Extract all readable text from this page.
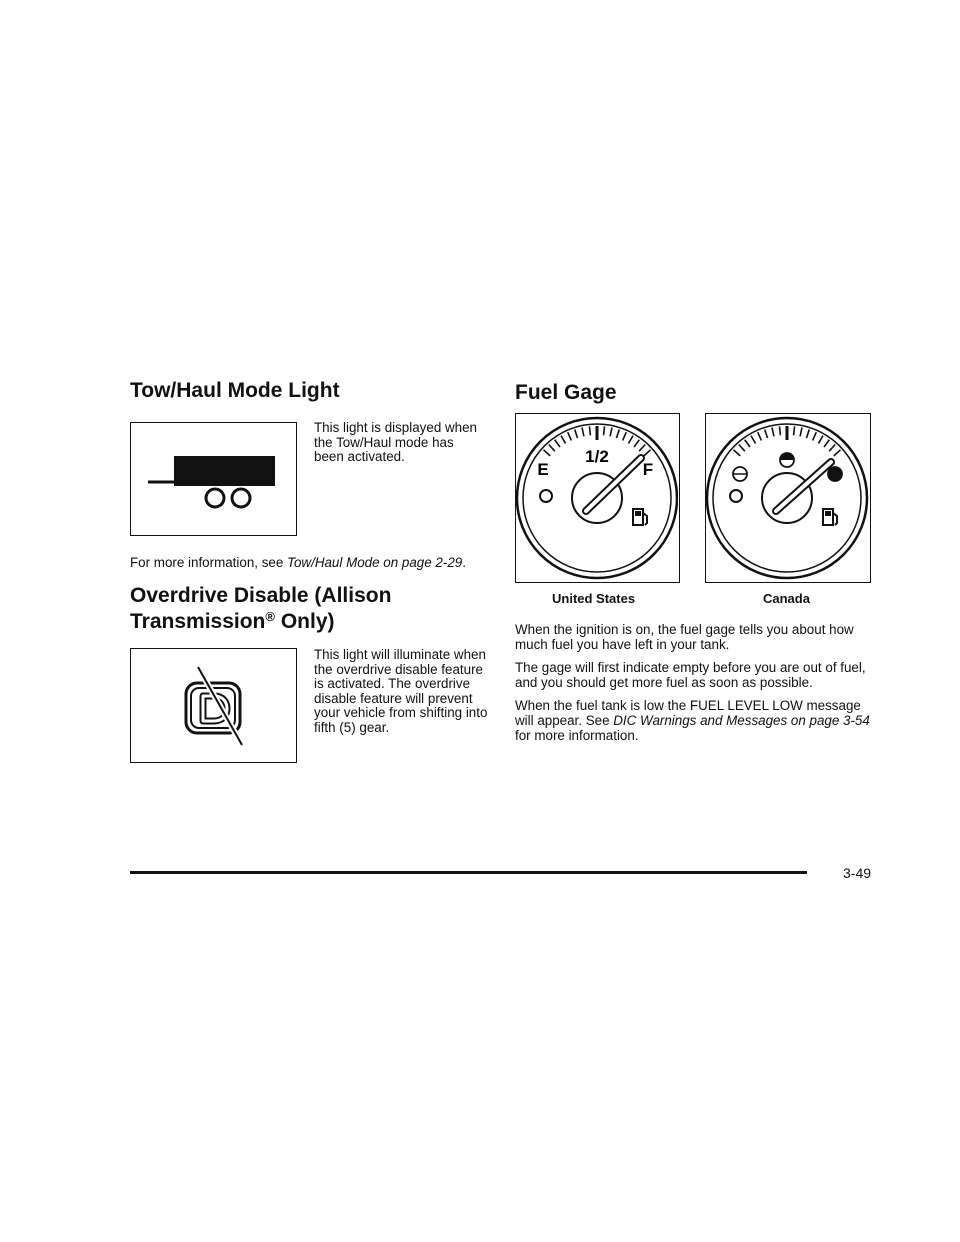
Tow/Haul Mode Light
This light is displayed when the Tow/Haul mode has been activated.
For more information, see Tow/Haul Mode on page 2-29.
Overdrive Disable (Allison
Transmission® Only)
This light will illuminate when the overdrive disable feature is activated. The overdrive disable feature will prevent your vehicle from shifting into fifth (5) gear.
Fuel Gage
E
1/2
F
United States	Canada

When the ignition is on, the fuel gage tells you about how much fuel you have left in your tank.

The gage will first indicate empty before you are out of fuel, and you should get more fuel as soon as possible.

When the fuel tank is low the FUEL LEVEL LOW message will appear. See DIC Warnings and Messages on page 3-54 for more information.

3-49
